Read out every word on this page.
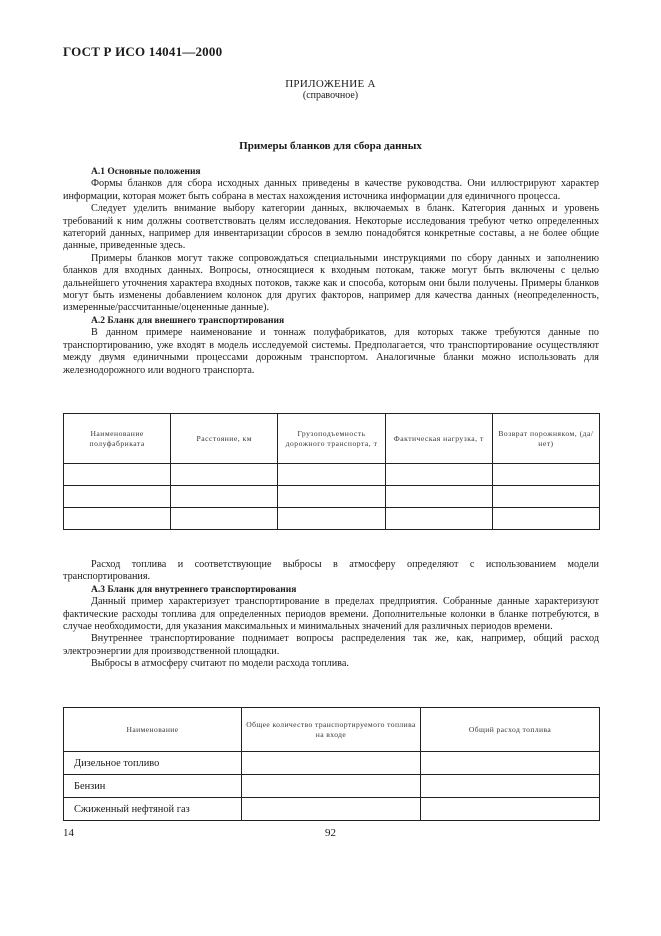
ГОСТ Р ИСО 14041—2000
ПРИЛОЖЕНИЕ А
(справочное)
Примеры бланков для сбора данных

А.1 Основные положения

Формы бланков для сбора исходных данных приведены в качестве руководства. Они иллюстрируют характер информации, которая может быть собрана в местах нахождения источника информации для единичного процесса.

Следует уделить внимание выбору категории данных, включаемых в бланк. Категория данных и уровень требований к ним должны соответствовать целям исследования. Некоторые исследования требуют четко определенных категорий данных, например для инвентаризации сбросов в землю понадобятся конкретные составы, а не более общие данные, приведенные здесь.

Примеры бланков могут также сопровождаться специальными инструкциями по сбору данных и заполнению бланков для входных данных. Вопросы, относящиеся к входным потокам, также могут быть включены с целью дальнейшего уточнения характера входных потоков, также как и способа, которым они были получены. Примеры бланков могут быть изменены добавлением колонок для других факторов, например для качества данных (неопределенность, измеренные/рассчитанные/оцененные данные).

А.2 Бланк для внешнего транспортирования

В данном примере наименование и тоннаж полуфабрикатов, для которых также требуются данные по транспортированию, уже входят в модель исследуемой системы. Предполагается, что транспортирование осуществляют между двумя единичными процессами дорожным транспортом. Аналогичные бланки можно использовать для железнодорожного или водного транспорта.

Наименование полуфабриката	Расстояние, км	Грузоподъемность дорожного транспорта, т	Фактическая нагрузка, т	Возврат порожняком, (да/нет)

Расход топлива и соответствующие выбросы в атмосферу определяют с использованием модели транспортирования.

А.3 Бланк для внутреннего транспортирования

Данный пример характеризует транспортирование в пределах предприятия. Собранные данные характеризуют фактические расходы топлива для определенных периодов времени. Дополнительные колонки в бланке потребуются, в случае необходимости, для указания максимальных и минимальных значений для различных периодов времени.

Внутреннее транспортирование поднимает вопросы распределения так же, как, например, общий расход электроэнергии для производственной площадки.

Выбросы в атмосферу считают по модели расхода топлива.

Наименование	Общее количество транспортируемого топлива на входе	Общий расход топлива
Дизельное топливо		
Бензин		
Сжиженный нефтяной газ		
14	92
